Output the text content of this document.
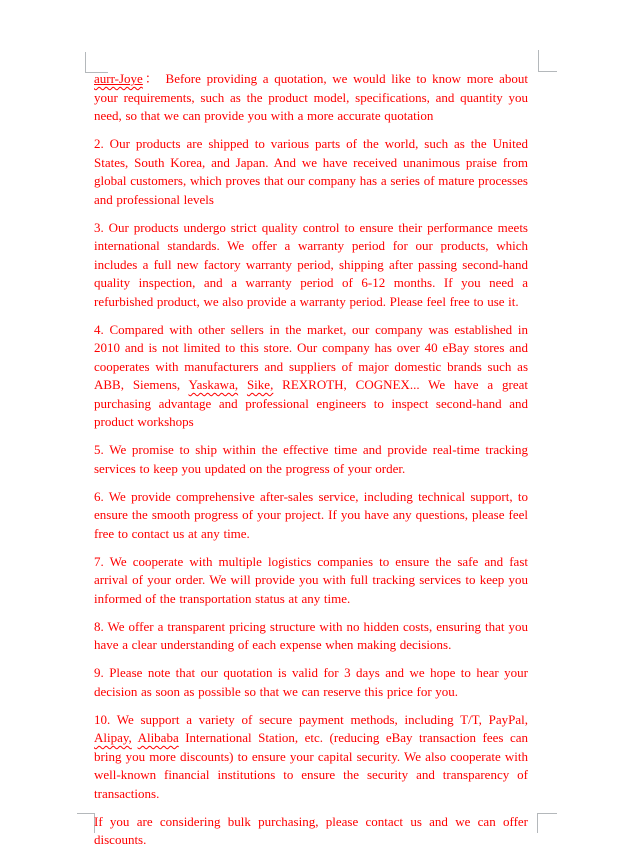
aurr-Joye： Before providing a quotation, we would like to know more about your requirements, such as the product model, specifications, and quantity you need, so that we can provide you with a more accurate quotation

2. Our products are shipped to various parts of the world, such as the United States, South Korea, and Japan. And we have received unanimous praise from global customers, which proves that our company has a series of mature processes and professional levels

3. Our products undergo strict quality control to ensure their performance meets international standards. We offer a warranty period for our products, which includes a full new factory warranty period, shipping after passing second-hand quality inspection, and a warranty period of 6-12 months. If you need a refurbished product, we also provide a warranty period. Please feel free to use it.

4. Compared with other sellers in the market, our company was established in 2010 and is not limited to this store. Our company has over 40 eBay stores and cooperates with manufacturers and suppliers of major domestic brands such as ABB, Siemens, Yaskawa, Sike, REXROTH, COGNEX... We have a great purchasing advantage and professional engineers to inspect second-hand and product workshops

5. We promise to ship within the effective time and provide real-time tracking services to keep you updated on the progress of your order.

6. We provide comprehensive after-sales service, including technical support, to ensure the smooth progress of your project. If you have any questions, please feel free to contact us at any time.

7. We cooperate with multiple logistics companies to ensure the safe and fast arrival of your order. We will provide you with full tracking services to keep you informed of the transportation status at any time.

8. We offer a transparent pricing structure with no hidden costs, ensuring that you have a clear understanding of each expense when making decisions.

9. Please note that our quotation is valid for 3 days and we hope to hear your decision as soon as possible so that we can reserve this price for you.

10. We support a variety of secure payment methods, including T/T, PayPal, Alipay, Alibaba International Station, etc. (reducing eBay transaction fees can bring you more discounts) to ensure your capital security. We also cooperate with well-known financial institutions to ensure the security and transparency of transactions.

If you are considering bulk purchasing, please contact us and we can offer discounts.
